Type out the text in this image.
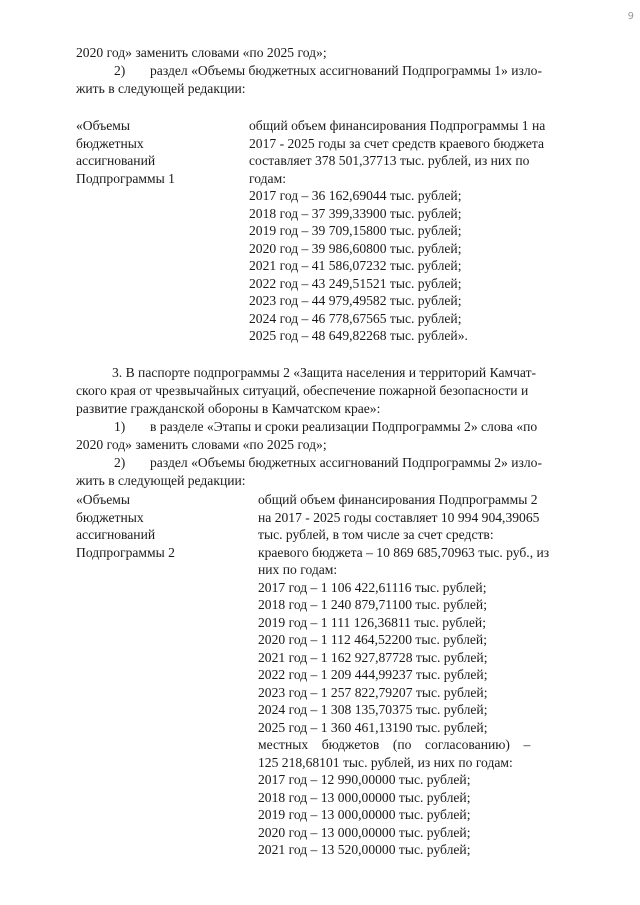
9
2020 год» заменить словами «по 2025 год»;
2) раздел «Объемы бюджетных ассигнований Подпрограммы 1» изло-
жить в следующей редакции:
«Объемы
бюджетных
ассигнований
Подпрограммы 1
общий объем финансирования Подпрограммы 1 на
2017 - 2025 годы за счет средств краевого бюджета
составляет 378 501,37713 тыс. рублей, из них по
годам:
2017 год – 36 162,69044 тыс. рублей;
2018 год – 37 399,33900 тыс. рублей;
2019 год – 39 709,15800 тыс. рублей;
2020 год – 39 986,60800 тыс. рублей;
2021 год – 41 586,07232 тыс. рублей;
2022 год – 43 249,51521 тыс. рублей;
2023 год – 44 979,49582 тыс. рублей;
2024 год – 46 778,67565 тыс. рублей;
2025 год – 48 649,82268 тыс. рублей».
3. В паспорте подпрограммы 2 «Защита населения и территорий Камчат-
ского края от чрезвычайных ситуаций, обеспечение пожарной безопасности и
развитие гражданской обороны в Камчатском крае»:
1) в разделе «Этапы и сроки реализации Подпрограммы 2» слова «по
2020 год» заменить словами «по 2025 год»;
2) раздел «Объемы бюджетных ассигнований Подпрограммы 2» изло-
жить в следующей редакции:
«Объемы
бюджетных
ассигнований
Подпрограммы 2
общий объем финансирования Подпрограммы 2
на 2017 - 2025 годы составляет 10 994 904,39065
тыс. рублей, в том числе за счет средств:
краевого бюджета – 10 869 685,70963 тыс. руб., из
них по годам:
2017 год – 1 106 422,61116 тыс. рублей;
2018 год – 1 240 879,71100 тыс. рублей;
2019 год – 1 111 126,36811 тыс. рублей;
2020 год – 1 112 464,52200 тыс. рублей;
2021 год – 1 162 927,87728 тыс. рублей;
2022 год – 1 209 444,99237 тыс. рублей;
2023 год – 1 257 822,79207 тыс. рублей;
2024 год – 1 308 135,70375 тыс. рублей;
2025 год – 1 360 461,13190 тыс. рублей;
местных    бюджетов    (по    согласованию)    –
125 218,68101 тыс. рублей, из них по годам:
2017 год – 12 990,00000 тыс. рублей;
2018 год – 13 000,00000 тыс. рублей;
2019 год – 13 000,00000 тыс. рублей;
2020 год – 13 000,00000 тыс. рублей;
2021 год – 13 520,00000 тыс. рублей;
